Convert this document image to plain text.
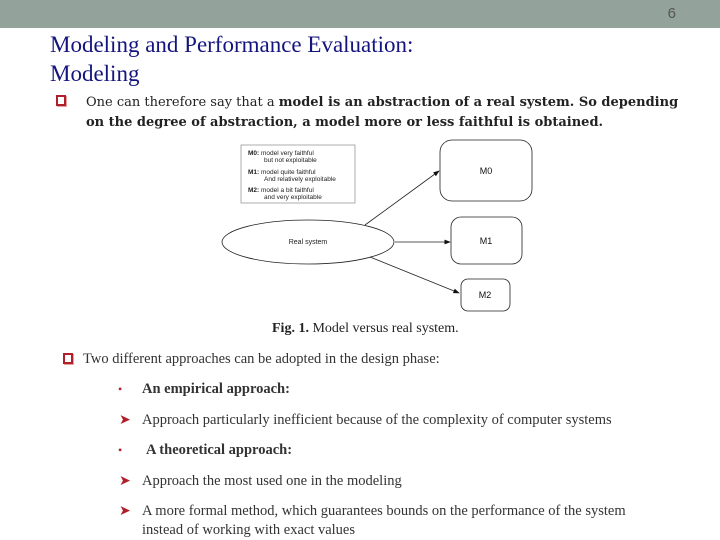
6
Modeling and Performance Evaluation:
Modeling
One can therefore say that a model is an abstraction of a real system. So depending on the degree of abstraction, a model more or less faithful is obtained.
M0: model very faithful
but not exploitable
M1: model quite faithful
And relatively exploitable
M2: model a bit faithful
and very exploitable
Real system
M0
M1
M2
Fig. 1. Model versus real system.
Two different approaches can be adopted in the design phase:
• An empirical approach:
➤ Approach particularly inefficient because of the complexity of computer systems
• A theoretical approach:
➤ Approach the most used one in the modeling
➤ A more formal method, which guarantees bounds on the performance of the system
instead of working with exact values
